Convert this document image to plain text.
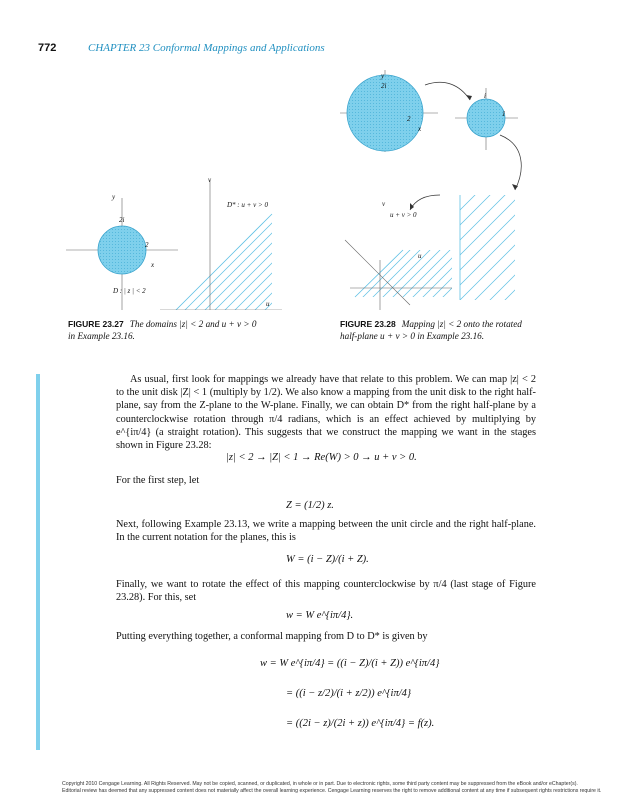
772	CHAPTER 23 Conformal Mappings and Applications
y
2i
2
x
D : | z | < 2
v
u
D* : u + v > 0
y
2i
2
x
i
1
v
u
u + v > 0
FIGURE 23.27 The domains |z| < 2 and u + v > 0
in Example 23.16.
FIGURE 23.28 Mapping |z| < 2 onto the rotated
half-plane u + v > 0 in Example 23.16.
As usual, first look for mappings we already have that relate to this problem. We can map |z| < 2 to the unit disk |Z| < 1 (multiply by 1/2). We also know a mapping from the unit disk to the right half-plane, say from the Z-plane to the W-plane. Finally, we can obtain D* from the right half-plane by a counterclockwise rotation through π/4 radians, which is an effect achieved by multiplying by e^{iπ/4} (a straight rotation). This suggests that we construct the mapping we want in the stages shown in Figure 23.28:
|z| < 2 → |Z| < 1 → Re(W) > 0 → u + v > 0.
For the first step, let
Z = (1/2) z.
Next, following Example 23.13, we write a mapping between the unit circle and the right half-plane. In the current notation for the planes, this is
W = (i − Z)/(i + Z).
Finally, we want to rotate the effect of this mapping counterclockwise by π/4 (last stage of Figure 23.28). For this, set
w = W e^{iπ/4}.
Putting everything together, a conformal mapping from D to D* is given by
w = W e^{iπ/4} = ((i − Z)/(i + Z)) e^{iπ/4}
= ((i − z/2)/(i + z/2)) e^{iπ/4}
= ((2i − z)/(2i + z)) e^{iπ/4} = f(z).
Copyright 2010 Cengage Learning. All Rights Reserved. May not be copied, scanned, or duplicated, in whole or in part. Due to electronic rights, some third party content may be suppressed from the eBook and/or eChapter(s).
Editorial review has deemed that any suppressed content does not materially affect the overall learning experience. Cengage Learning reserves the right to remove additional content at any time if subsequent rights restrictions require it.
